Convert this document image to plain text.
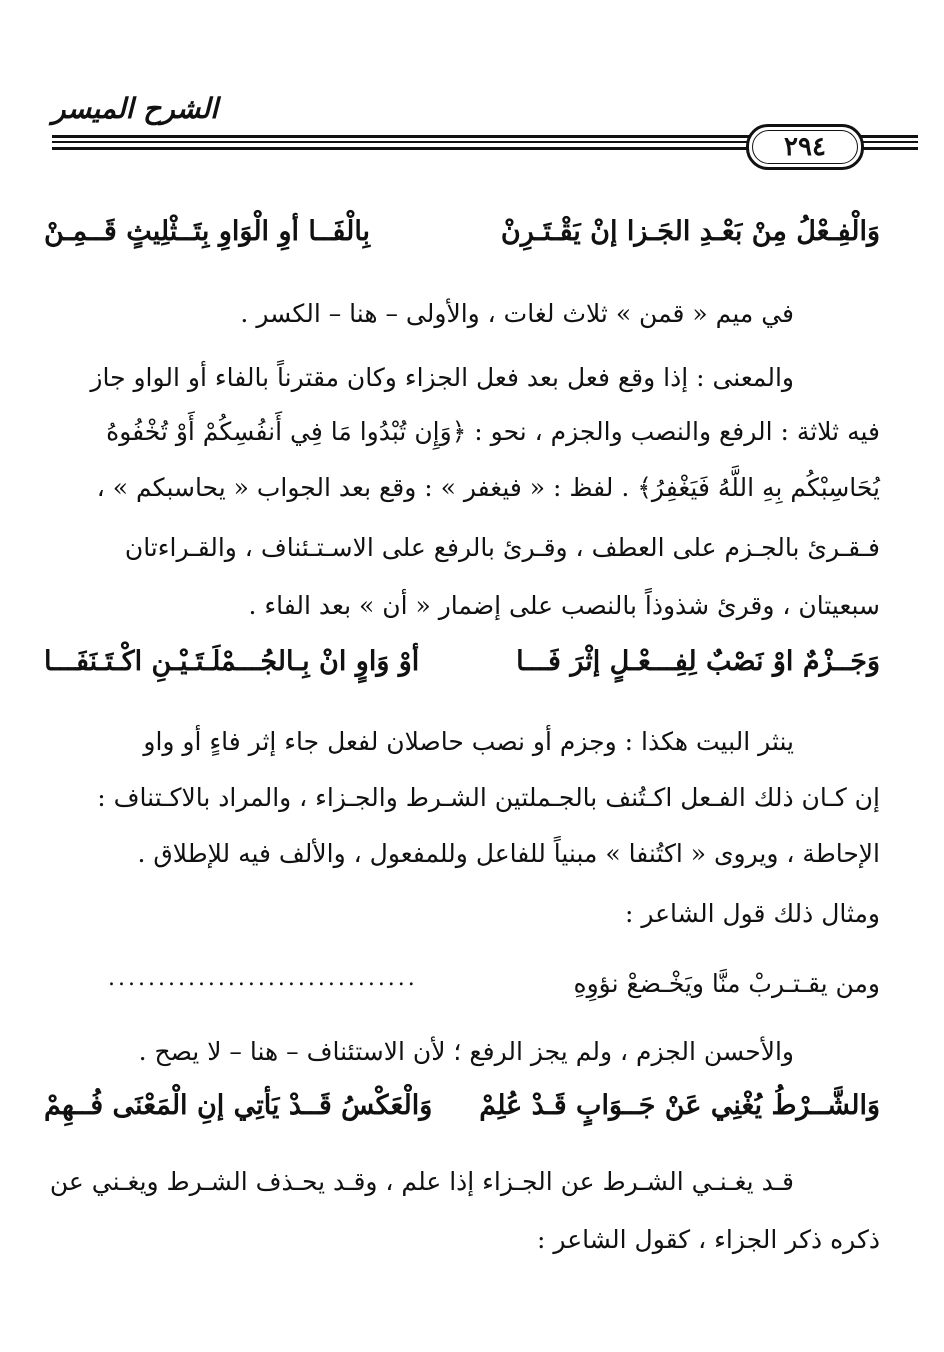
الشرح الميسر
٢٩٤
وَالْفِـعْلُ مِنْ بَعْـدِ الجَـزا إنْ يَقْـتَـرِنْ
بِالْفَــا أوِ الْوَاوِ بِتَــثْلِيثٍ قَــمِـنْ
في ميم « قمن » ثلاث لغات ، والأولى – هنا – الكسر .
والمعنى : إذا وقع فعل بعد فعل الجزاء وكان مقترناً بالفاء أو الواو جاز
فيه ثلاثة : الرفع والنصب والجزم ، نحو : ﴿وَإِن تُبْدُوا مَا فِي أَنفُسِكُمْ أَوْ تُخْفُوهُ
يُحَاسِبْكُم بِهِ اللَّهُ فَيَغْفِرُ﴾ . لفظ : « فيغفر » : وقع بعد الجواب « يحاسبكم » ،
فـقـرئ بالجـزم على العطف ، وقـرئ بالرفع على الاسـتـئناف ، والقـراءتان
سبعيتان ، وقرئ شذوذاً بالنصب على إضمار « أن » بعد الفاء .
وَجَــزْمٌ اوْ نَصْبٌ لِفِـــعْـلٍ إثْرَ فَـــا
أوْ وَاوٍ انْ بِـالجُـــمْلَـتَـيْـنِ اكْـتَـنَفَـــا
ينثر البيت هكذا : وجزم أو نصب حاصلان لفعل جاء إثر فاءٍ أو واو
إن كـان ذلك الفـعل اكـتُنف بالجـملتين الشـرط والجـزاء ، والمراد بالاكـتناف :
الإحاطة ، ويروى « اكتُنفا » مبنياً للفاعل وللمفعول ، والألف فيه للإطلاق .
ومثال ذلك قول الشاعر :
ومن يقـتـربْ منَّا ويَخْـضعْ نؤوِهِ
...............................
والأحسن الجزم ، ولم يجز الرفع ؛ لأن الاستئناف – هنا – لا يصح .
وَالشَّــرْطُ يُغْنِي عَنْ جَــوَابٍ قَـدْ عُلِمْ
وَالْعَكْسُ قَــدْ يَأتِي إنِ الْمَعْنَى فُــهِمْ
قـد يغـنـي الشـرط عن الجـزاء إذا علم ، وقـد يحـذف الشـرط ويغـني عن
ذكره ذكر الجزاء ، كقول الشاعر :
